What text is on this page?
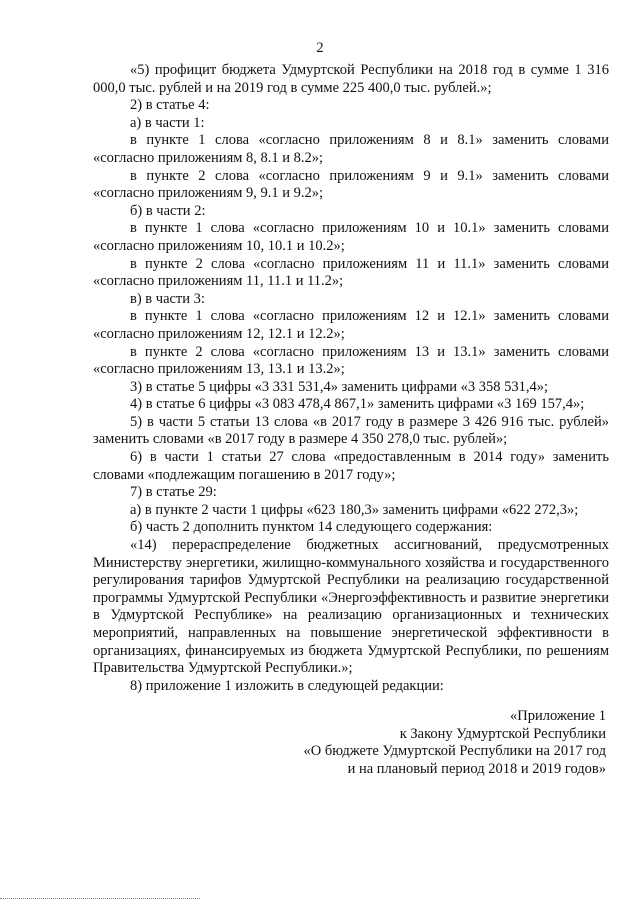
2

«5) профицит бюджета Удмуртской Республики на 2018 год в сумме 1 316 000,0 тыс. рублей и на 2019 год в сумме 225 400,0 тыс. рублей.»;

2) в статье 4:

а) в части 1:

в пункте 1 слова «согласно приложениям 8 и 8.1» заменить словами «согласно приложениям 8, 8.1 и 8.2»;

в пункте 2 слова «согласно приложениям 9 и 9.1» заменить словами «согласно приложениям 9, 9.1 и 9.2»;

б) в части 2:

в пункте 1 слова «согласно приложениям 10 и 10.1» заменить словами «согласно приложениям 10, 10.1 и 10.2»;

в пункте 2 слова «согласно приложениям 11 и 11.1» заменить словами «согласно приложениям 11, 11.1 и 11.2»;

в) в части 3:

в пункте 1 слова «согласно приложениям 12 и 12.1» заменить словами «согласно приложениям 12, 12.1 и 12.2»;

в пункте 2 слова «согласно приложениям 13 и 13.1» заменить словами «согласно приложениям 13, 13.1 и 13.2»;

3) в статье 5 цифры «3 331 531,4» заменить цифрами «3 358 531,4»;

4) в статье 6 цифры «3 083 478,4 867,1» заменить цифрами «3 169 157,4»;

5) в части 5 статьи 13 слова «в 2017 году в размере 3 426 916 тыс. рублей» заменить словами «в 2017 году в размере 4 350 278,0 тыс. рублей»;

6) в части 1 статьи 27 слова «предоставленным в 2014 году» заменить словами «подлежащим погашению в 2017 году»;

7) в статье 29:

а) в пункте 2 части 1 цифры «623 180,3» заменить цифрами «622 272,3»;

б) часть 2 дополнить пунктом 14 следующего содержания:

«14) перераспределение бюджетных ассигнований, предусмотренных Министерству энергетики, жилищно-коммунального хозяйства и государственного регулирования тарифов Удмуртской Республики на реализацию государственной программы Удмуртской Республики «Энергоэффективность и развитие энергетики в Удмуртской Республике» на реализацию организационных и технических мероприятий, направленных на повышение энергетической эффективности в организациях, финансируемых из бюджета Удмуртской Республики, по решениям Правительства Удмуртской Республики.»;

8) приложение 1 изложить в следующей редакции:

«Приложение 1
к Закону Удмуртской Республики
«О бюджете Удмуртской Республики на 2017 год
и на плановый период 2018 и 2019 годов»
